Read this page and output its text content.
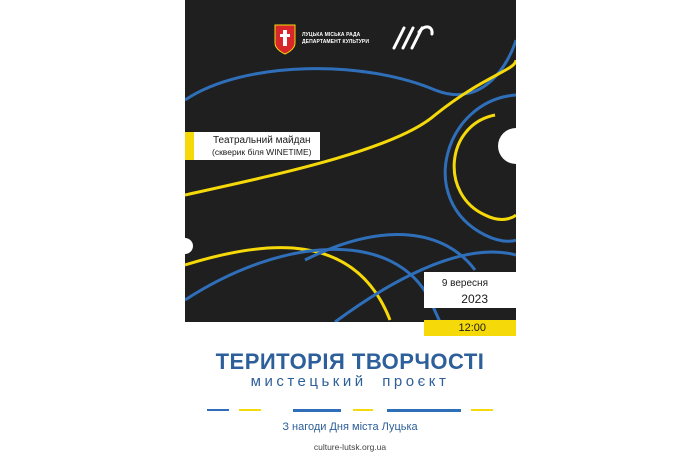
ЛУЦЬКА МІСЬКА РАДА
ДЕПАРТАМЕНТ КУЛЬТУРИ
Театральний майдан
(скверик біля WINETIME)
9 вересня
2023
12:00
ТЕРИТОРІЯ ТВОРЧОСТІ
мистецький проєкт
З нагоди Дня міста Луцька
culture-lutsk.org.ua
